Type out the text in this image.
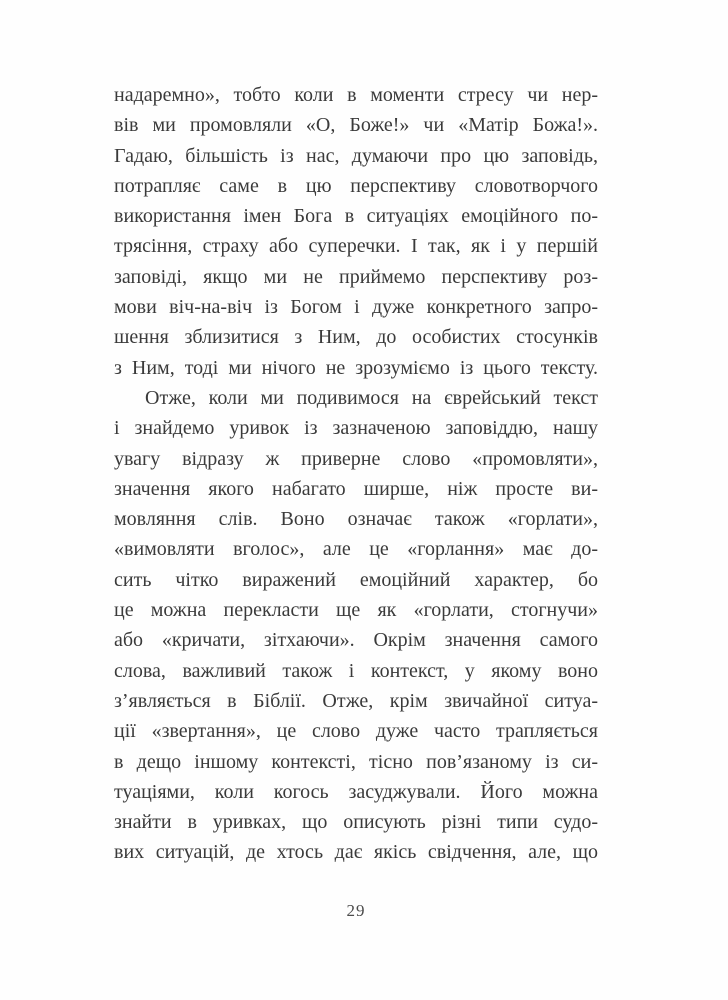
надаремно», тобто коли в моменти стресу чи нер-
вів ми промовляли «О, Боже!» чи «Матір Божа!».
Гадаю, більшість із нас, думаючи про цю заповідь,
потрапляє саме в цю перспективу словотворчого
використання імен Бога в ситуаціях емоційного по-
трясіння, страху або суперечки. І так, як і у першій
заповіді, якщо ми не приймемо перспективу роз-
мови віч-на-віч із Богом і дуже конкретного запро-
шення зблизитися з Ним, до особистих стосунків
з Ним, тоді ми нічого не зрозуміємо із цього тексту.
Отже, коли ми подивимося на єврейський текст
і знайдемо уривок із зазначеною заповіддю, нашу
увагу відразу ж приверне слово «промовляти»,
значення якого набагато ширше, ніж просте ви-
мовляння слів. Воно означає також «горлати»,
«вимовляти вголос», але це «горлання» має до-
сить чітко виражений емоційний характер, бо
це можна перекласти ще як «горлати, стогнучи»
або «кричати, зітхаючи». Окрім значення самого
слова, важливий також і контекст, у якому воно
з’являється в Біблії. Отже, крім звичайної ситуа-
ції «звертання», це слово дуже часто трапляється
в дещо іншому контексті, тісно пов’язаному із си-
туаціями, коли когось засуджували. Його можна
знайти в уривках, що описують різні типи судо-
вих ситуацій, де хтось дає якісь свідчення, але, що
29
